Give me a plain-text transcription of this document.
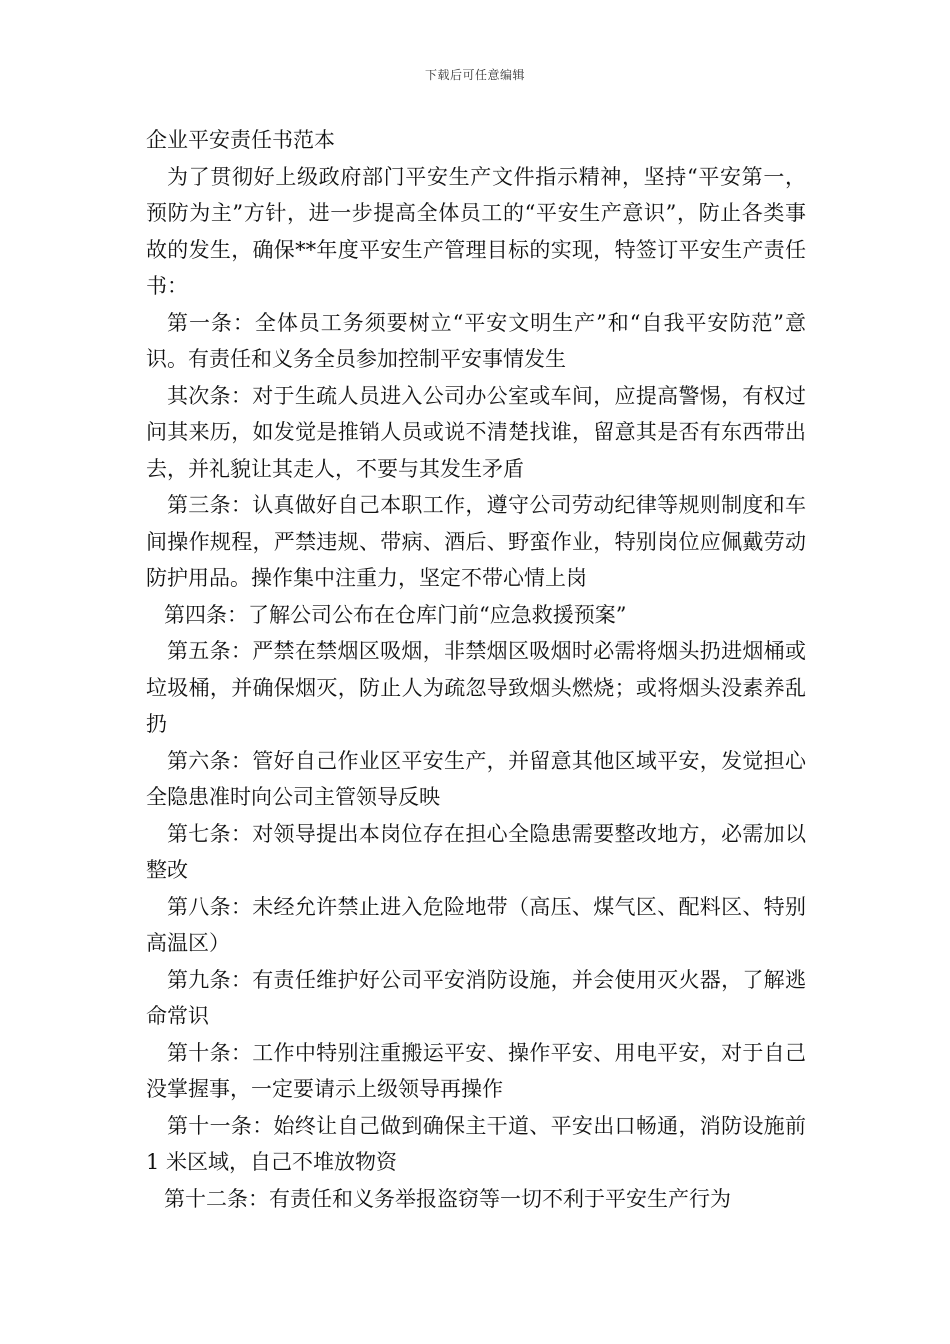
下载后可任意编辑
企业平安责任书范本

为了贯彻好上级政府部门平安生产文件指示精神，坚持“平安第一，预防为主”方针，进一步提高全体员工的“平安生产意识”，防止各类事故的发生，确保**年度平安生产管理目标的实现，特签订平安生产责任书：

第一条：全体员工务须要树立“平安文明生产”和“自我平安防范”意识。有责任和义务全员参加控制平安事情发生

其次条：对于生疏人员进入公司办公室或车间，应提高警惕，有权过问其来历，如发觉是推销人员或说不清楚找谁，留意其是否有东西带出去，并礼貌让其走人，不要与其发生矛盾

第三条：认真做好自己本职工作，遵守公司劳动纪律等规则制度和车间操作规程，严禁违规、带病、酒后、野蛮作业，特别岗位应佩戴劳动防护用品。操作集中注重力，坚定不带心情上岗

第四条：了解公司公布在仓库门前“应急救援预案”

第五条：严禁在禁烟区吸烟，非禁烟区吸烟时必需将烟头扔进烟桶或垃圾桶，并确保烟灭，防止人为疏忽导致烟头燃烧；或将烟头没素养乱扔

第六条：管好自己作业区平安生产，并留意其他区域平安，发觉担心全隐患准时向公司主管领导反映

第七条：对领导提出本岗位存在担心全隐患需要整改地方，必需加以整改

第八条：未经允许禁止进入危险地带（高压、煤气区、配料区、特别高温区）

第九条：有责任维护好公司平安消防设施，并会使用灭火器，了解逃命常识

第十条：工作中特别注重搬运平安、操作平安、用电平安，对于自己没掌握事，一定要请示上级领导再操作

第十一条：始终让自己做到确保主干道、平安出口畅通，消防设施前 1 米区域，自己不堆放物资

第十二条：有责任和义务举报盗窃等一切不利于平安生产行为
